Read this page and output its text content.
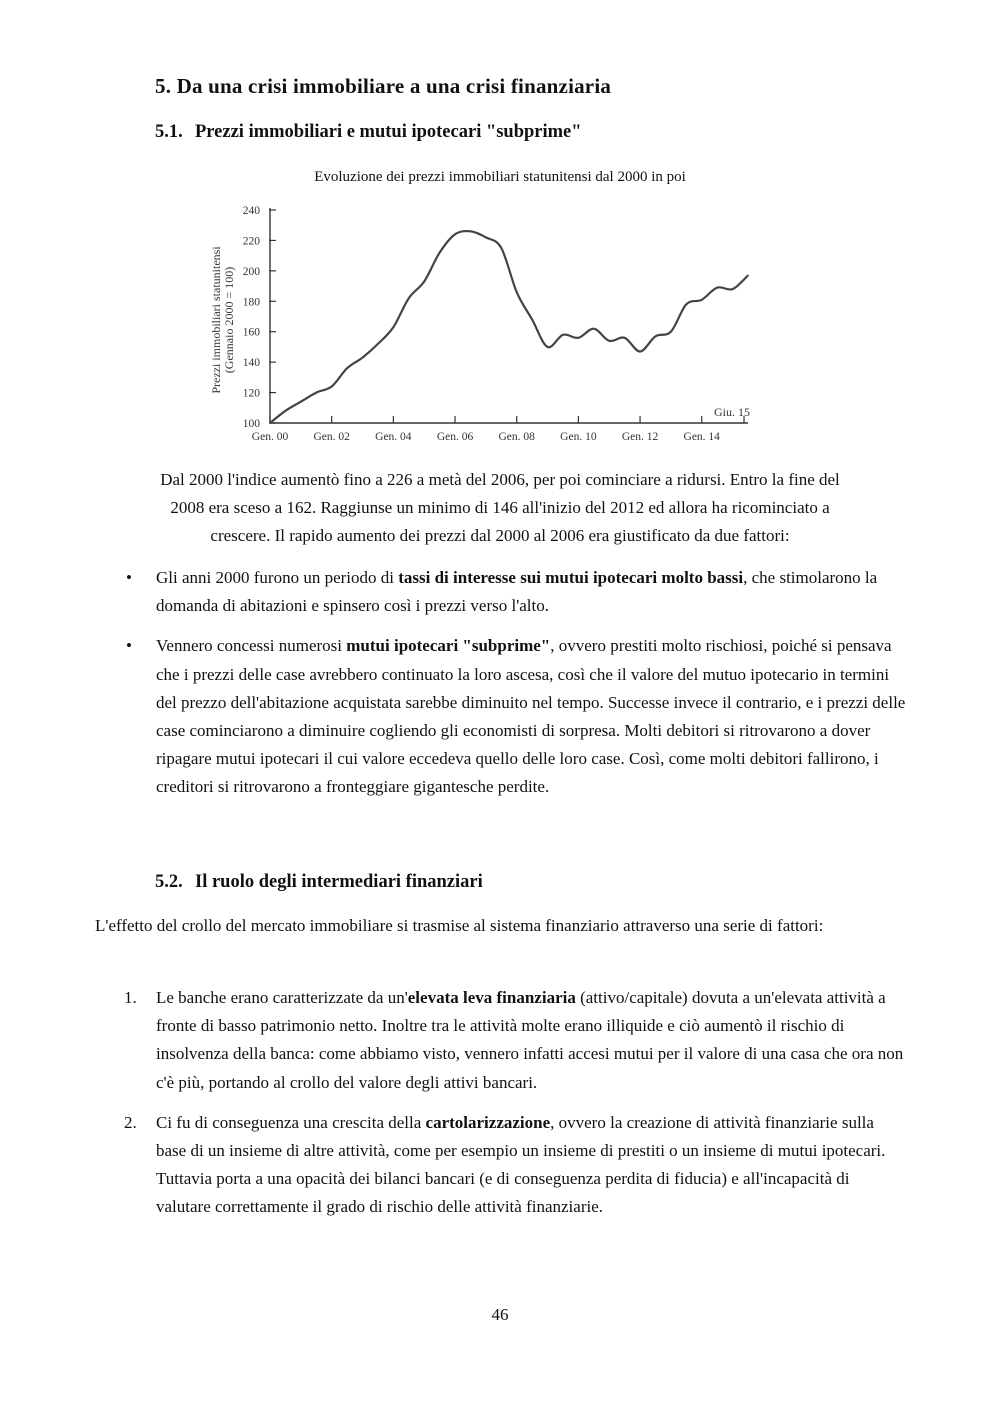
5. Da una crisi immobiliare a una crisi finanziaria
5.1. Prezzi immobiliari e mutui ipotecari "subprime"
Evoluzione dei prezzi immobiliari statunitensi dal 2000 in poi
Prezzi immobiliari statunitensi (Gennaio 2000 = 100)
100
120
140
160
180
200
220
240
Gen. 00 Gen. 02 Gen. 04 Gen. 06 Gen. 08 Gen. 10 Gen. 12 Gen. 14
Giu. 15
Dal 2000 l'indice aumentò fino a 226 a metà del 2006, per poi cominciare a ridursi. Entro la fine del
2008 era sceso a 162. Raggiunse un minimo di 146 all'inizio del 2012 ed allora ha ricominciato a
crescere. Il rapido aumento dei prezzi dal 2000 al 2006 era giustificato da due fattori:
• Gli anni 2000 furono un periodo di tassi di interesse sui mutui ipotecari molto bassi, che stimolarono la domanda di abitazioni e spinsero così i prezzi verso l'alto.
• Vennero concessi numerosi mutui ipotecari "subprime", ovvero prestiti molto rischiosi, poiché si pensava che i prezzi delle case avrebbero continuato la loro ascesa, così che il valore del mutuo ipotecario in termini del prezzo dell'abitazione acquistata sarebbe diminuito nel tempo. Successe invece il contrario, e i prezzi delle case cominciarono a diminuire cogliendo gli economisti di sorpresa. Molti debitori si ritrovarono a dover ripagare mutui ipotecari il cui valore eccedeva quello delle loro case. Così, come molti debitori fallirono, i creditori si ritrovarono a fronteggiare gigantesche perdite.
5.2. Il ruolo degli intermediari finanziari

L'effetto del crollo del mercato immobiliare si trasmise al sistema finanziario attraverso una serie di fattori:

1. Le banche erano caratterizzate da un'elevata leva finanziaria (attivo/capitale) dovuta a un'elevata attività a fronte di basso patrimonio netto. Inoltre tra le attività molte erano illiquide e ciò aumentò il rischio di insolvenza della banca: come abbiamo visto, vennero infatti accesi mutui per il valore di una casa che ora non c'è più, portando al crollo del valore degli attivi bancari.
2. Ci fu di conseguenza una crescita della cartolarizzazione, ovvero la creazione di attività finanziarie sulla base di un insieme di altre attività, come per esempio un insieme di prestiti o un insieme di mutui ipotecari. Tuttavia porta a una opacità dei bilanci bancari (e di conseguenza perdita di fiducia) e all'incapacità di valutare correttamente il grado di rischio delle attività finanziarie.
46
